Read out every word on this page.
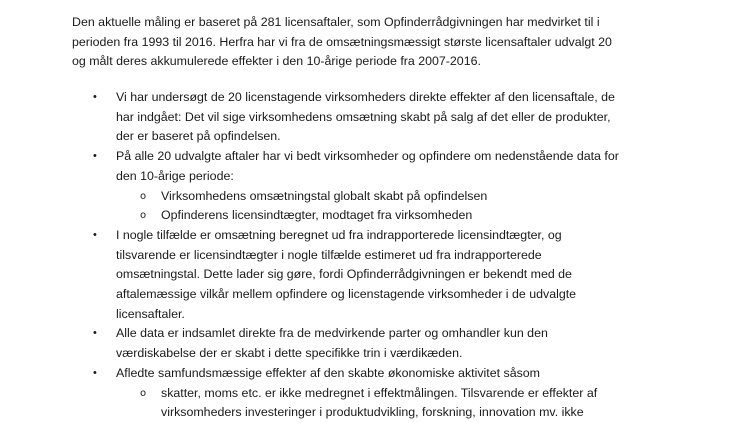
Den aktuelle måling er baseret på 281 licensaftaler, som Opfinderrådgivningen har medvirket til i
perioden fra 1993 til 2016. Herfra har vi fra de omsætningsmæssigt største licensaftaler udvalgt 20
og målt deres akkumulerede effekter i den 10-årige periode fra 2007-2016.

• Vi har undersøgt de 20 licenstagende virksomheders direkte effekter af den licensaftale, de
har indgået: Det vil sige virksomhedens omsætning skabt på salg af det eller de produkter,
der er baseret på opfindelsen.
• På alle 20 udvalgte aftaler har vi bedt virksomheder og opfindere om nedenstående data for
den 10-årige periode:
o Virksomhedens omsætningstal globalt skabt på opfindelsen
o Opfinderens licensindtægter, modtaget fra virksomheden
• I nogle tilfælde er omsætning beregnet ud fra indrapporterede licensindtægter, og
tilsvarende er licensindtægter i nogle tilfælde estimeret ud fra indrapporterede
omsætningstal. Dette lader sig gøre, fordi Opfinderrådgivningen er bekendt med de
aftalemæssige vilkår mellem opfindere og licenstagende virksomheder i de udvalgte
licensaftaler.
• Alle data er indsamlet direkte fra de medvirkende parter og omhandler kun den
værdiskabelse der er skabt i dette specifikke trin i værdikæden.
• Afledte samfundsmæssige effekter af den skabte økonomiske aktivitet såsom
o skatter, moms etc. er ikke medregnet i effektmålingen. Tilsvarende er effekter af
virksomheders investeringer i produktudvikling, forskning, innovation mv. ikke
